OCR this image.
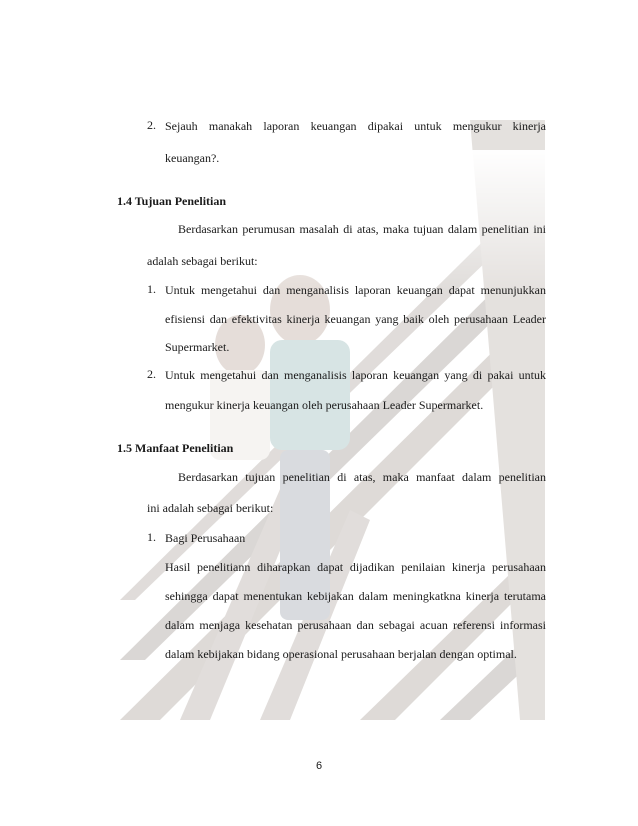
2. Sejauh manakah laporan keuangan dipakai untuk mengukur kinerja
keuangan?.
1.4 Tujuan Penelitian
Berdasarkan perumusan masalah di atas, maka tujuan dalam penelitian ini
adalah sebagai berikut:
1. Untuk mengetahui dan menganalisis laporan keuangan dapat menunjukkan
efisiensi dan efektivitas kinerja keuangan yang baik oleh perusahaan Leader
Supermarket.
2. Untuk mengetahui dan menganalisis laporan keuangan yang di pakai untuk
mengukur kinerja keuangan oleh perusahaan Leader Supermarket.
1.5 Manfaat Penelitian
Berdasarkan tujuan penelitian di atas, maka manfaat dalam penelitian
ini adalah sebagai berikut:
1. Bagi Perusahaan
Hasil penelitiann diharapkan dapat dijadikan penilaian kinerja perusahaan
sehingga dapat menentukan kebijakan dalam meningkatkna kinerja terutama
dalam menjaga kesehatan perusahaan dan sebagai acuan referensi informasi
dalam kebijakan bidang operasional perusahaan berjalan dengan optimal.
6
